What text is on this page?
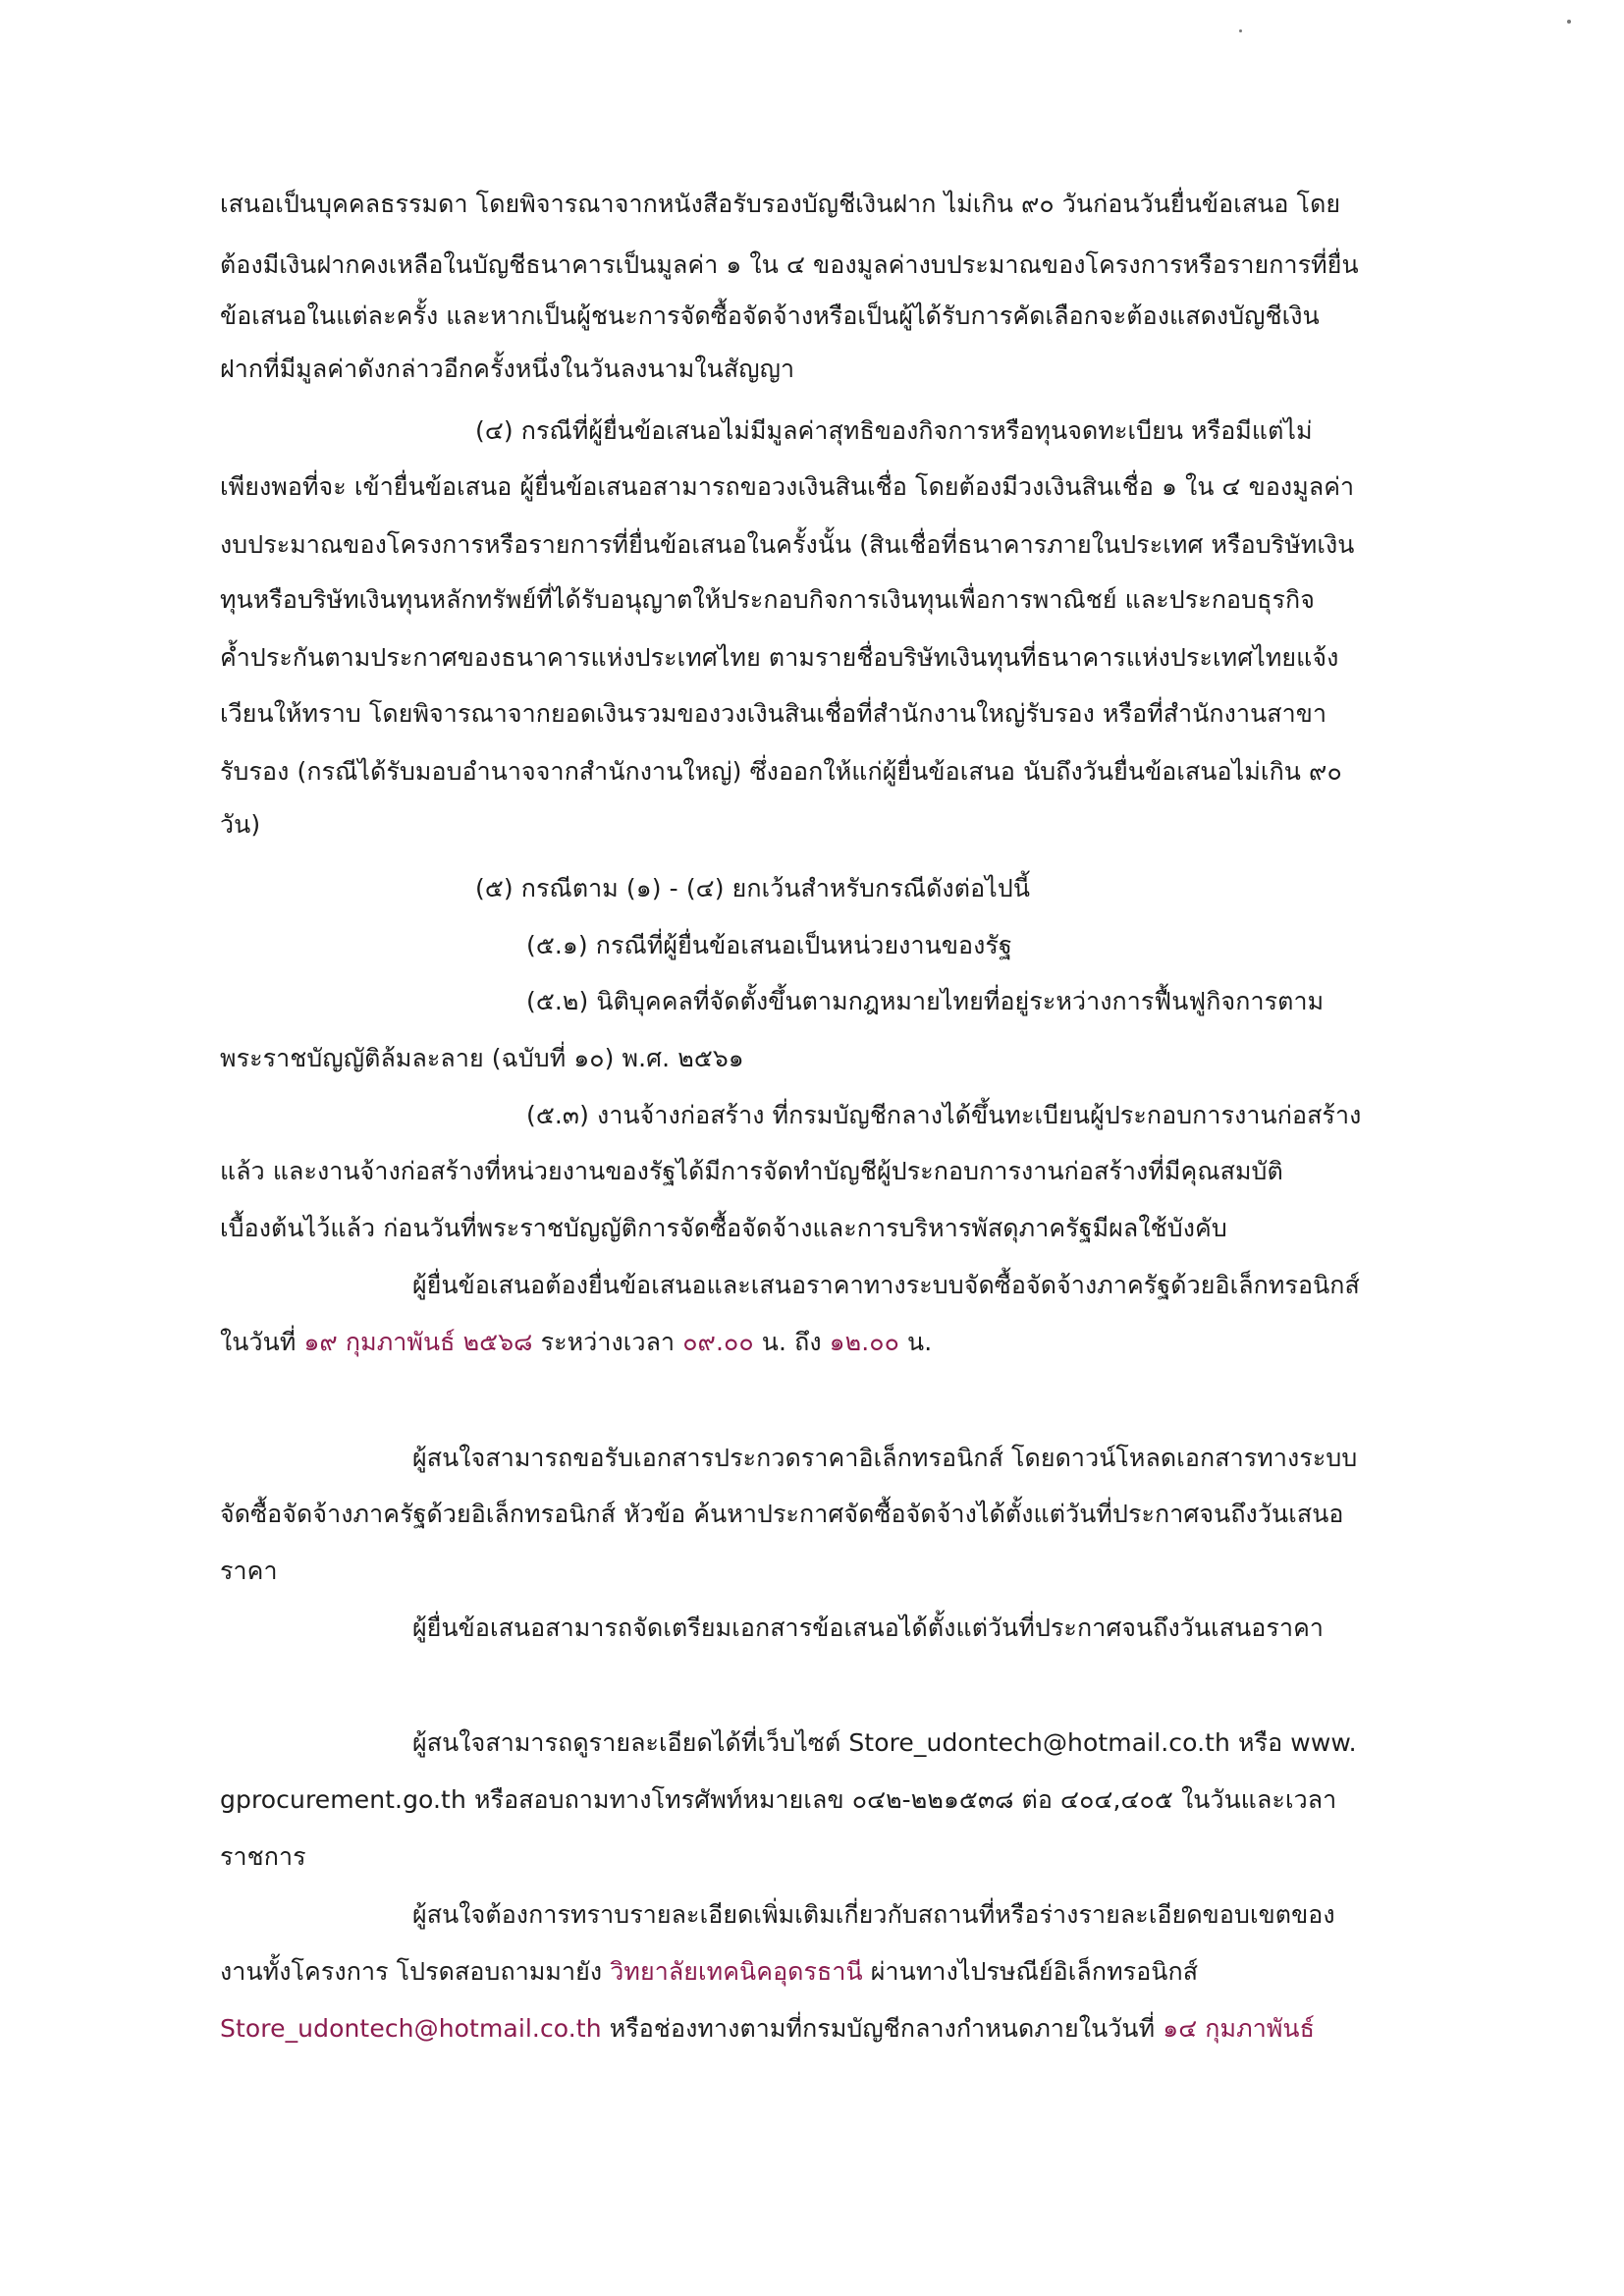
เสนอเป็นบุคคลธรรมดา โดยพิจารณาจากหนังสือรับรองบัญชีเงินฝาก ไม่เกิน ๙๐ วันก่อนวันยื่นข้อเสนอ โดย
ต้องมีเงินฝากคงเหลือในบัญชีธนาคารเป็นมูลค่า ๑ ใน ๔ ของมูลค่างบประมาณของโครงการหรือรายการที่ยื่น
ข้อเสนอในแต่ละครั้ง และหากเป็นผู้ชนะการจัดซื้อจัดจ้างหรือเป็นผู้ได้รับการคัดเลือกจะต้องแสดงบัญชีเงิน
ฝากที่มีมูลค่าดังกล่าวอีกครั้งหนึ่งในวันลงนามในสัญญา
(๔) กรณีที่ผู้ยื่นข้อเสนอไม่มีมูลค่าสุทธิของกิจการหรือทุนจดทะเบียน หรือมีแต่ไม่
เพียงพอที่จะ เข้ายื่นข้อเสนอ ผู้ยื่นข้อเสนอสามารถขอวงเงินสินเชื่อ โดยต้องมีวงเงินสินเชื่อ ๑ ใน ๔ ของมูลค่า
งบประมาณของโครงการหรือรายการที่ยื่นข้อเสนอในครั้งนั้น (สินเชื่อที่ธนาคารภายในประเทศ หรือบริษัทเงิน
ทุนหรือบริษัทเงินทุนหลักทรัพย์ที่ได้รับอนุญาตให้ประกอบกิจการเงินทุนเพื่อการพาณิชย์ และประกอบธุรกิจ
ค้ำประกันตามประกาศของธนาคารแห่งประเทศไทย ตามรายชื่อบริษัทเงินทุนที่ธนาคารแห่งประเทศไทยแจ้ง
เวียนให้ทราบ โดยพิจารณาจากยอดเงินรวมของวงเงินสินเชื่อที่สำนักงานใหญ่รับรอง หรือที่สำนักงานสาขา
รับรอง (กรณีได้รับมอบอำนาจจากสำนักงานใหญ่) ซึ่งออกให้แก่ผู้ยื่นข้อเสนอ นับถึงวันยื่นข้อเสนอไม่เกิน ๙๐
วัน)
(๕) กรณีตาม (๑) - (๔) ยกเว้นสำหรับกรณีดังต่อไปนี้
(๕.๑) กรณีที่ผู้ยื่นข้อเสนอเป็นหน่วยงานของรัฐ
(๕.๒) นิติบุคคลที่จัดตั้งขึ้นตามกฎหมายไทยที่อยู่ระหว่างการฟื้นฟูกิจการตาม
พระราชบัญญัติล้มละลาย (ฉบับที่ ๑๐) พ.ศ. ๒๕๖๑
(๕.๓) งานจ้างก่อสร้าง ที่กรมบัญชีกลางได้ขึ้นทะเบียนผู้ประกอบการงานก่อสร้าง
แล้ว และงานจ้างก่อสร้างที่หน่วยงานของรัฐได้มีการจัดทำบัญชีผู้ประกอบการงานก่อสร้างที่มีคุณสมบัติ
เบื้องต้นไว้แล้ว ก่อนวันที่พระราชบัญญัติการจัดซื้อจัดจ้างและการบริหารพัสดุภาครัฐมีผลใช้บังคับ
ผู้ยื่นข้อเสนอต้องยื่นข้อเสนอและเสนอราคาทางระบบจัดซื้อจัดจ้างภาครัฐด้วยอิเล็กทรอนิกส์
ในวันที่ ๑๙ กุมภาพันธ์ ๒๕๖๘ ระหว่างเวลา ๐๙.๐๐ น. ถึง ๑๒.๐๐ น.
ผู้สนใจสามารถขอรับเอกสารประกวดราคาอิเล็กทรอนิกส์ โดยดาวน์โหลดเอกสารทางระบบ
จัดซื้อจัดจ้างภาครัฐด้วยอิเล็กทรอนิกส์ หัวข้อ ค้นหาประกาศจัดซื้อจัดจ้างได้ตั้งแต่วันที่ประกาศจนถึงวันเสนอ
ราคา
ผู้ยื่นข้อเสนอสามารถจัดเตรียมเอกสารข้อเสนอได้ตั้งแต่วันที่ประกาศจนถึงวันเสนอราคา
ผู้สนใจสามารถดูรายละเอียดได้ที่เว็บไซต์ Store_udontech@hotmail.co.th หรือ www.
gprocurement.go.th หรือสอบถามทางโทรศัพท์หมายเลข ๐๔๒-๒๒๑๕๓๘ ต่อ ๔๐๔,๔๐๕ ในวันและเวลา
ราชการ
ผู้สนใจต้องการทราบรายละเอียดเพิ่มเติมเกี่ยวกับสถานที่หรือร่างรายละเอียดขอบเขตของ
งานทั้งโครงการ โปรดสอบถามมายัง วิทยาลัยเทคนิคอุดรธานี ผ่านทางไปรษณีย์อิเล็กทรอนิกส์
Store_udontech@hotmail.co.th หรือช่องทางตามที่กรมบัญชีกลางกำหนดภายในวันที่ ๑๔ กุมภาพันธ์
